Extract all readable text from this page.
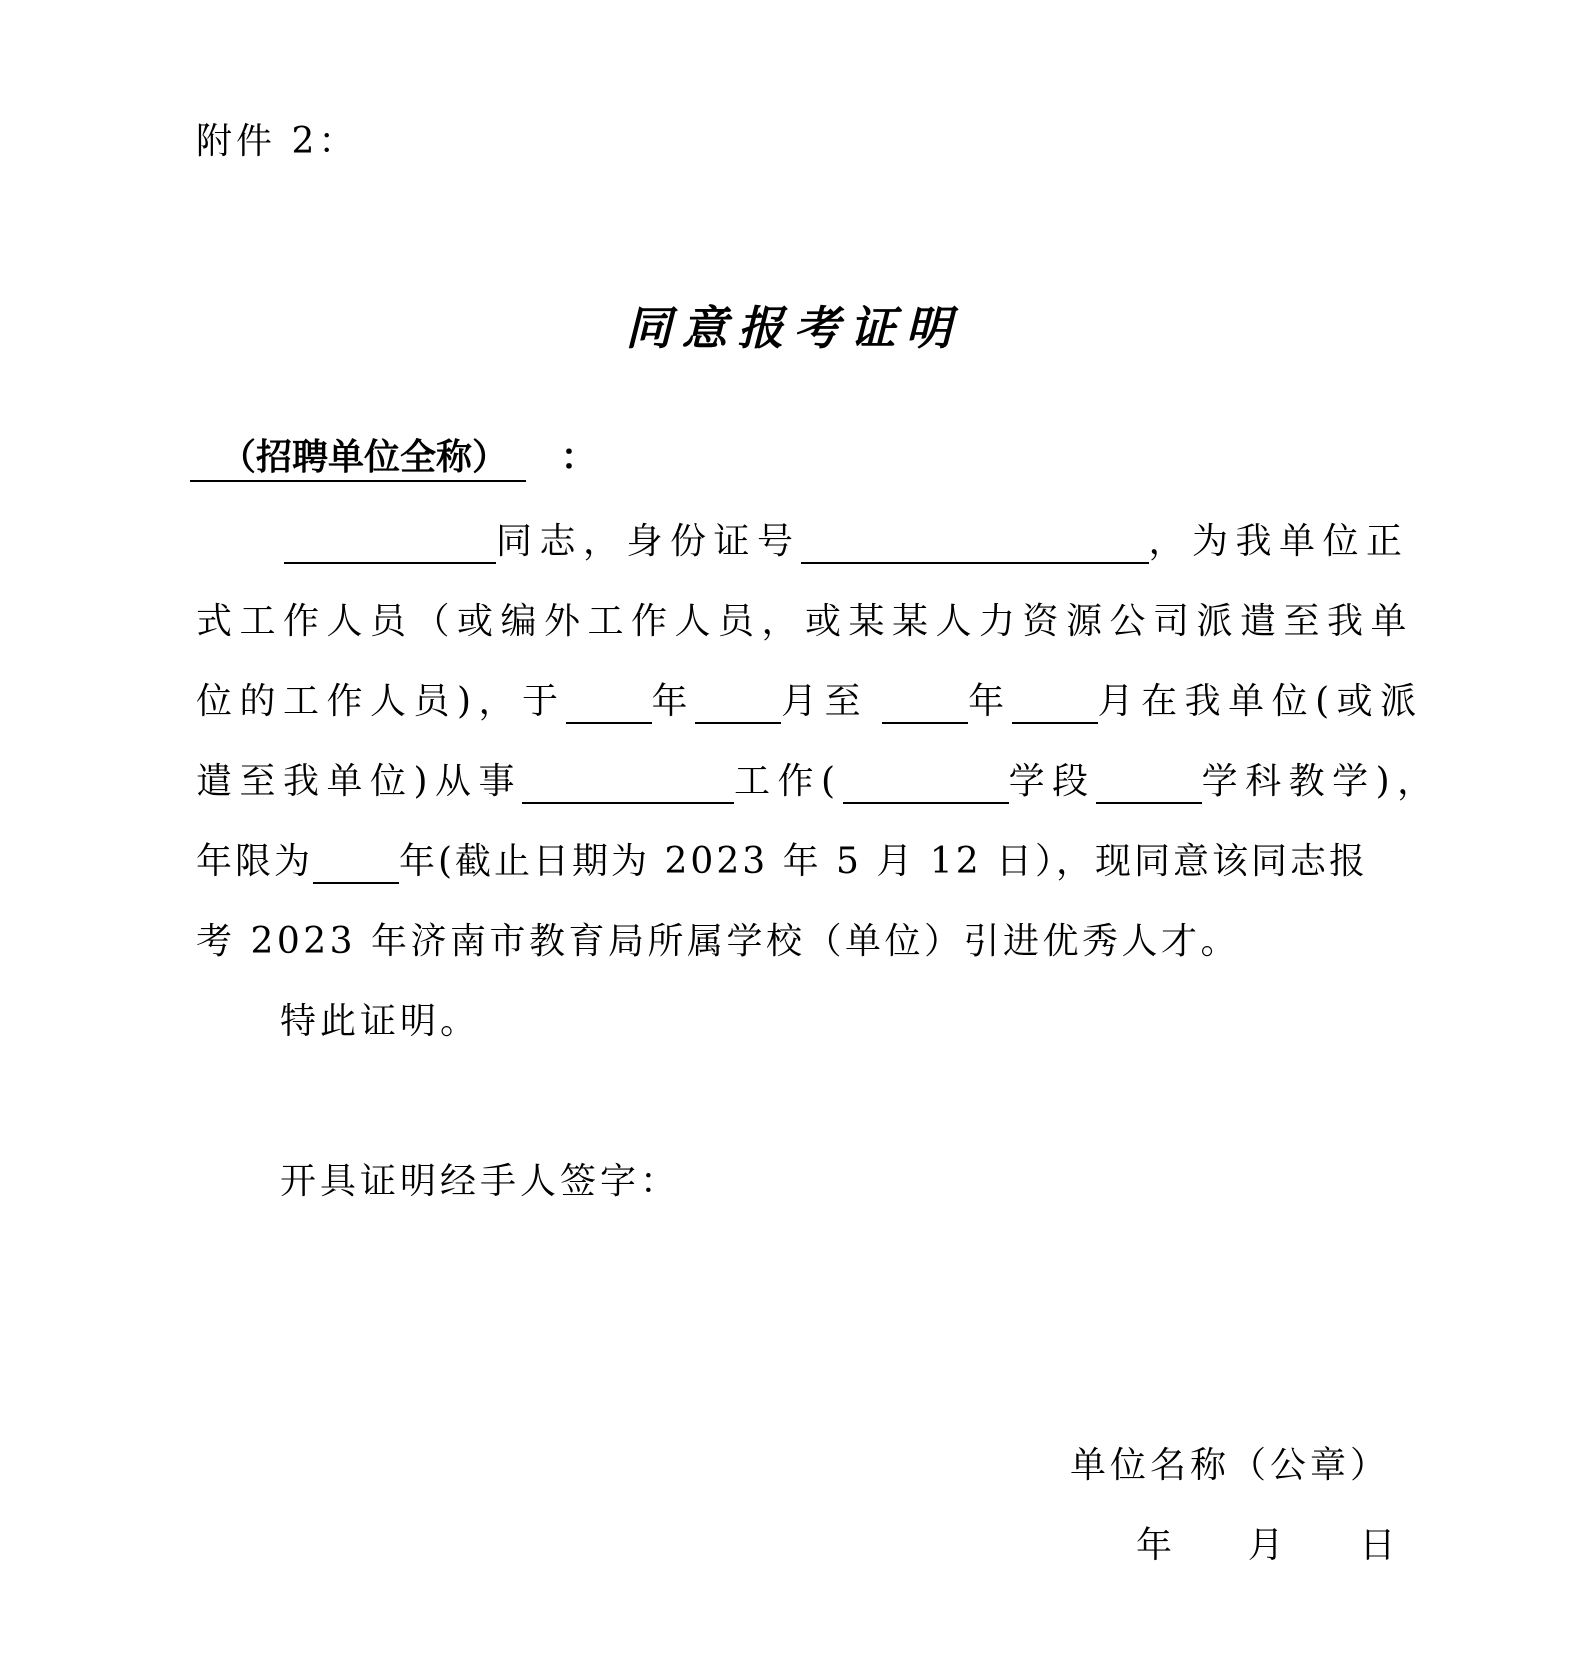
附件 2：
同意报考证明
（招聘单位全称） ：
同志，身份证号	，为我单位正
式工作人员（或编外工作人员，或某某人力资源公司派遣至我单
位的工作人员)，于 年 月至	年 月在我单位(或派
遣至我单位)从事	工作(	学段	学科教学)，
年限为 年(截止日期为 2023 年 5 月 12 日），现同意该同志报
考 2023 年济南市教育局所属学校（单位）引进优秀人才。
特此证明。
开具证明经手人签字：
单位名称（公章）
年    月    日
